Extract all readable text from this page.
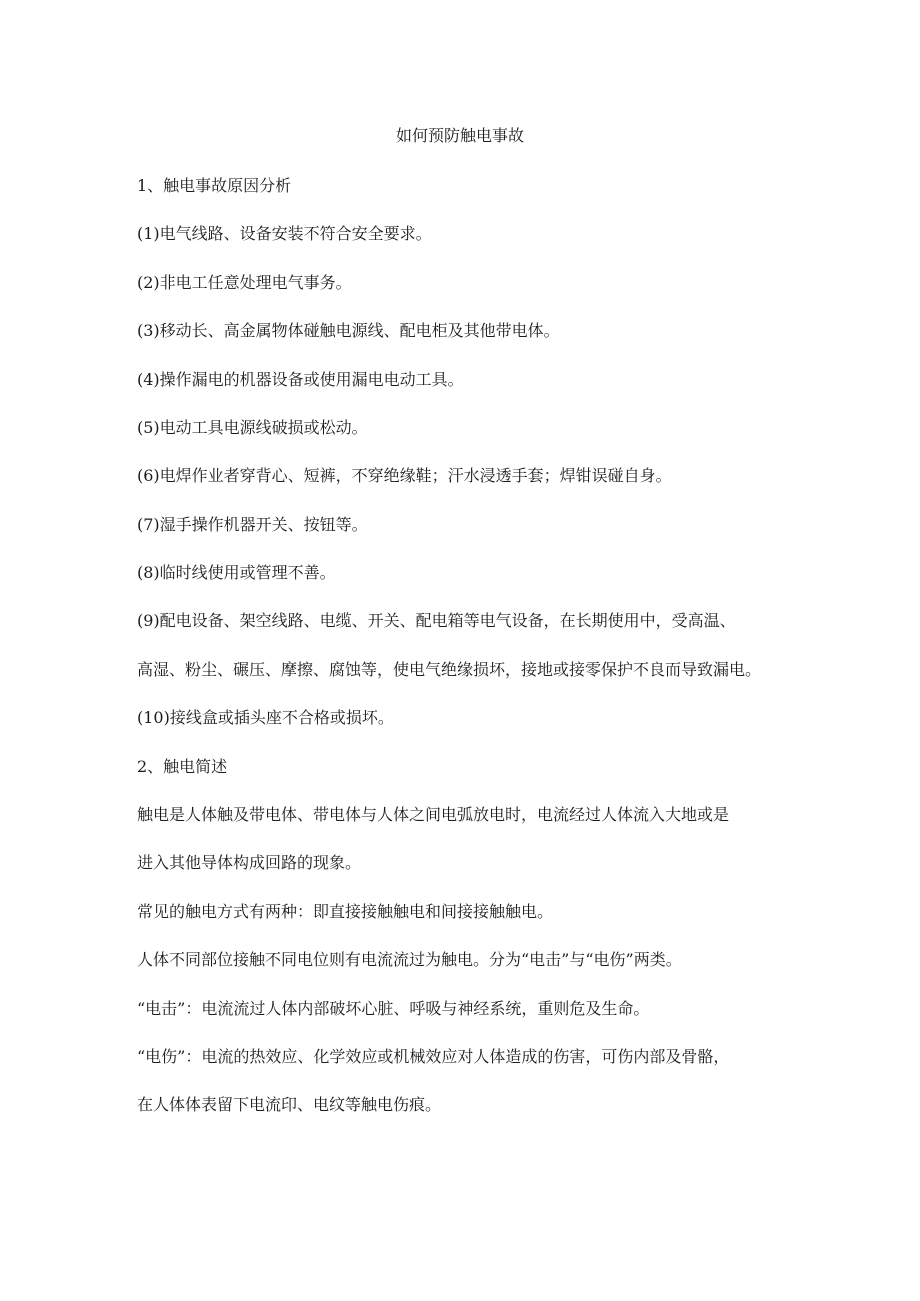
如何预防触电事故
1、触电事故原因分析
(1)电气线路、设备安装不符合安全要求。
(2)非电工任意处理电气事务。
(3)移动长、高金属物体碰触电源线、配电柜及其他带电体。
(4)操作漏电的机器设备或使用漏电电动工具。
(5)电动工具电源线破损或松动。
(6)电焊作业者穿背心、短裤，不穿绝缘鞋；汗水浸透手套；焊钳误碰自身。
(7)湿手操作机器开关、按钮等。
(8)临时线使用或管理不善。
(9)配电设备、架空线路、电缆、开关、配电箱等电气设备，在长期使用中，受高温、
高湿、粉尘、碾压、摩擦、腐蚀等，使电气绝缘损坏，接地或接零保护不良而导致漏电。
(10)接线盒或插头座不合格或损坏。
2、触电简述
触电是人体触及带电体、带电体与人体之间电弧放电时，电流经过人体流入大地或是
进入其他导体构成回路的现象。
常见的触电方式有两种：即直接接触触电和间接接触触电。
人体不同部位接触不同电位则有电流流过为触电。分为“电击”与“电伤”两类。
“电击”：电流流过人体内部破坏心脏、呼吸与神经系统，重则危及生命。
“电伤”：电流的热效应、化学效应或机械效应对人体造成的伤害，可伤内部及骨骼，
在人体体表留下电流印、电纹等触电伤痕。
